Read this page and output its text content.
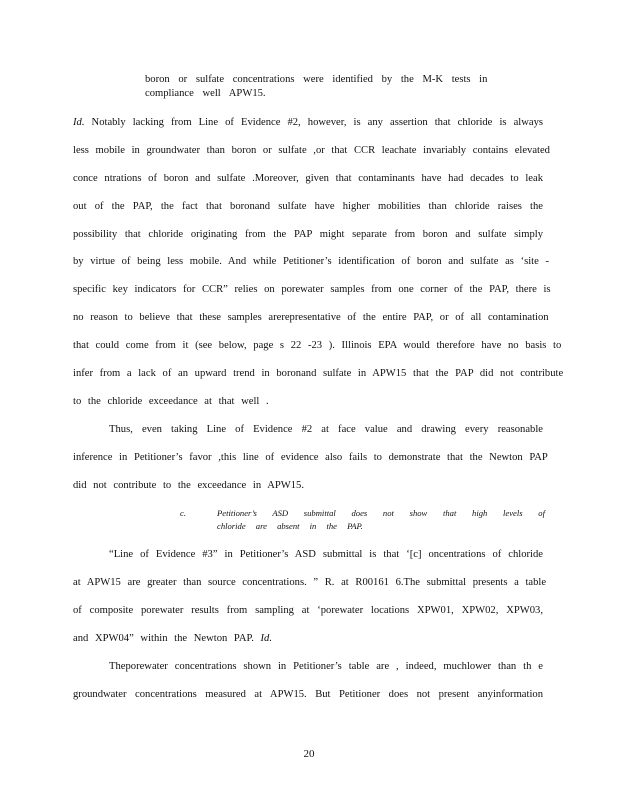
boron or sulfate concentrations were identified by the M-K tests in
compliance well APW15.
Id. Notably lacking from Line of Evidence #2, however, is any assertion that chloride is always
less mobile in groundwater than boron or sulfate ,or that CCR leachate invariably contains elevated
conce ntrations of boron and sulfate .Moreover, given that contaminants have had decades to leak
out of the PAP, the fact that boronand sulfate have higher mobilities than chloride raises the
possibility that chloride originating from the PAP might separate from boron and sulfate simply
by virtue of being less mobile. And while Petitioner’s identification of boron and sulfate as ‘site -
specific key indicators for CCR” relies on porewater samples from one corner of the PAP, there is
no reason to believe that these samples arerepresentative of the entire PAP, or of all contamination
that could come from it (see below, page s 22 -23 ). Illinois EPA would therefore have no basis to
infer from a lack of an upward trend in boronand sulfate in APW15 that the PAP did not contribute
to the chloride exceedance at that well .
Thus, even taking Line of Evidence #2 at face value and drawing every reasonable
inference in Petitioner’s favor ,this line of evidence also fails to demonstrate that the Newton PAP
did not contribute to the exceedance in APW15.
c.	Petitioner’s ASD submittal does not show that high levels of
chloride are absent in the PAP.
“Line of Evidence #3” in Petitioner’s ASD submittal is that ‘[c] oncentrations of chloride
at APW15 are greater than source concentrations. ” R. at R00161 6.The submittal presents a table
of composite porewater results from sampling at ‘porewater locations XPW01, XPW02, XPW03,
and XPW04” within the Newton PAP. Id.
Theporewater concentrations shown in Petitioner’s table are , indeed, muchlower than th e
groundwater concentrations measured at APW15. But Petitioner does not present anyinformation
20
